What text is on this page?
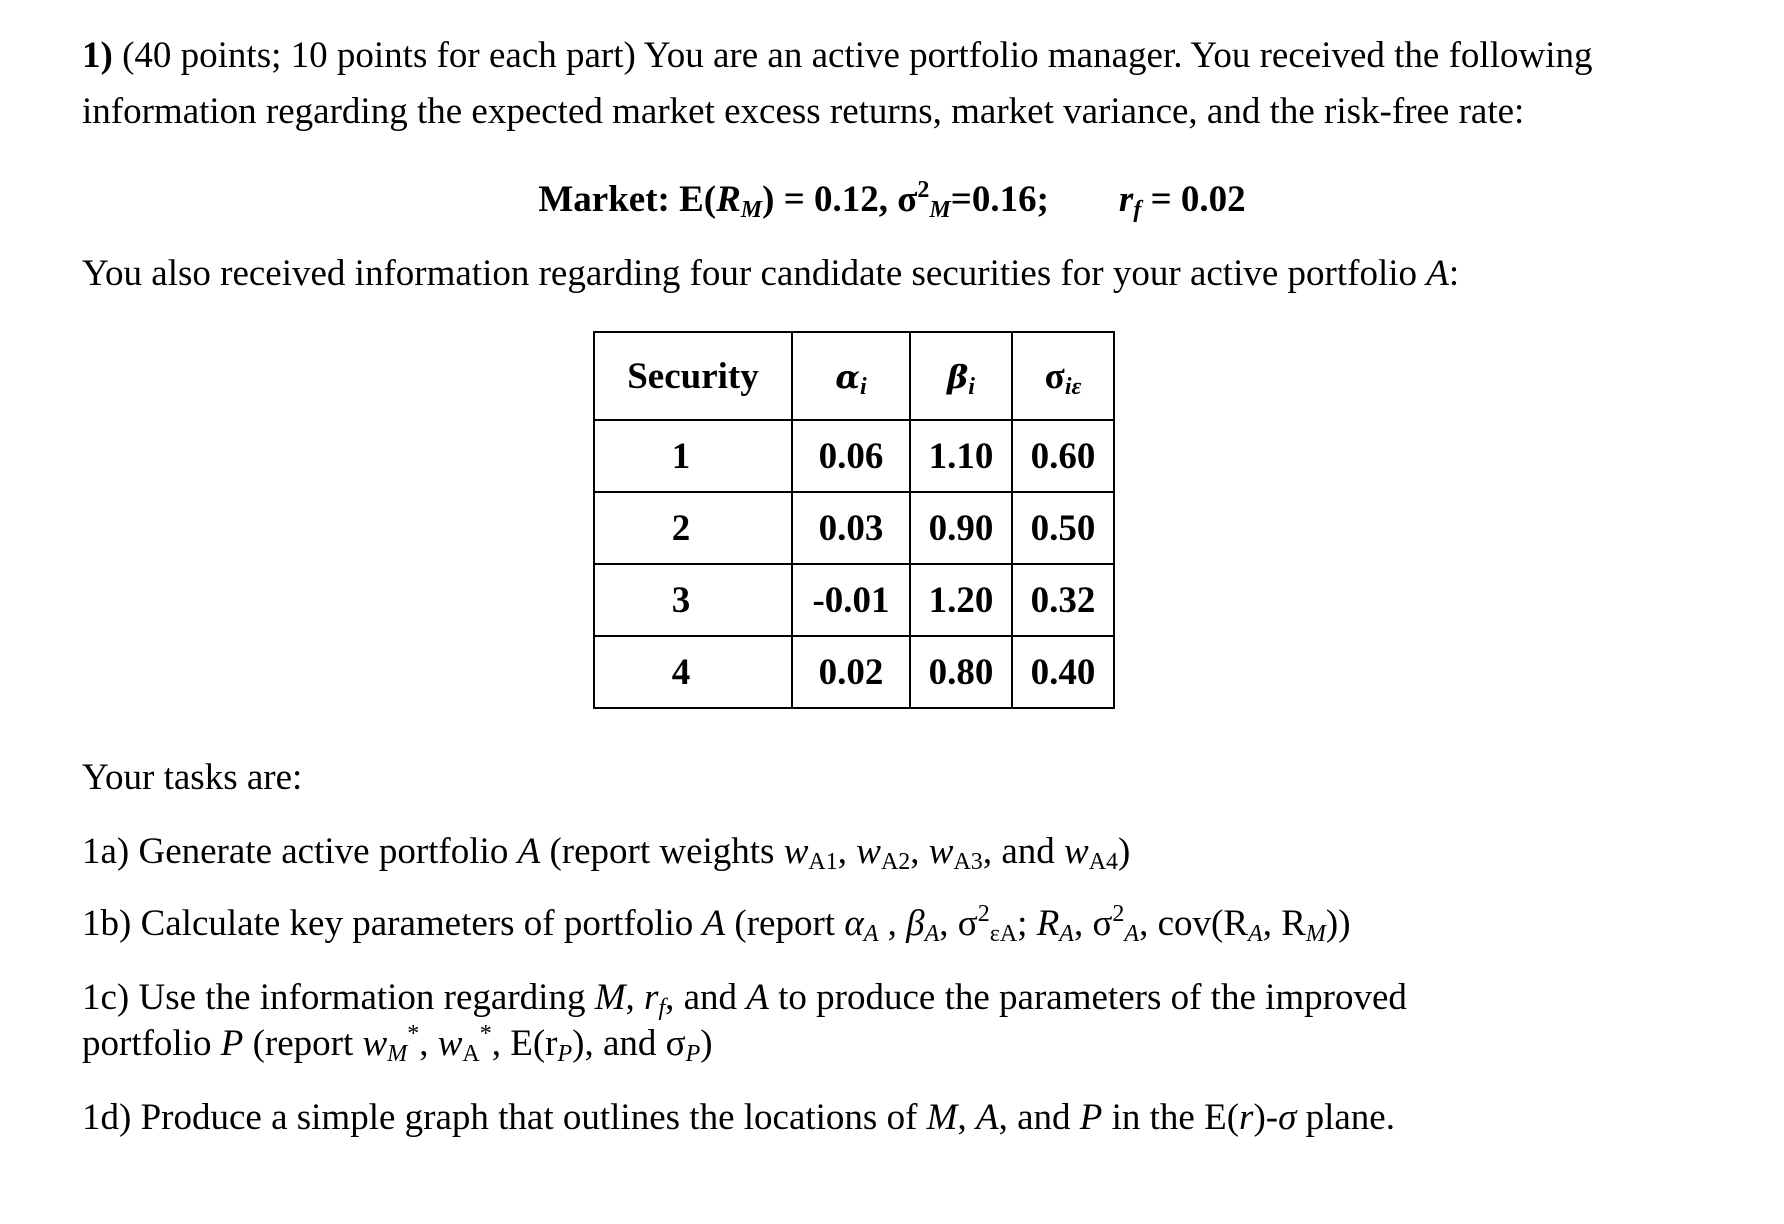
1) (40 points; 10 points for each part) You are an active portfolio manager. You received the following
information regarding the expected market excess returns, market variance, and the risk-free rate:
Market: E(RM) = 0.12, $\sigma^2M=0.16$; rf = 0.02
You also received information regarding four candidate securities for your active portfolio A:
Security	αi	βi	σiε
1	0.06	1.10	0.60
2	0.03	0.90	0.50
3	-0.01	1.20	0.32
4	0.02	0.80	0.40
Your tasks are:
1a) Generate active portfolio A (report weights wA1, wA2, wA3, and wA4)
1b) Calculate key parameters of portfolio A (report αA , βA, $\sigma^2\varepsilon A$; RA, $\sigma^2A$, cov(RA, RM))
1c) Use the information regarding M, rf, and A to produce the parameters of the improved
portfolio P (report wM*, wA*, E(rP), and σP)
1d) Produce a simple graph that outlines the locations of M, A, and P in the E(r)-σ plane.
